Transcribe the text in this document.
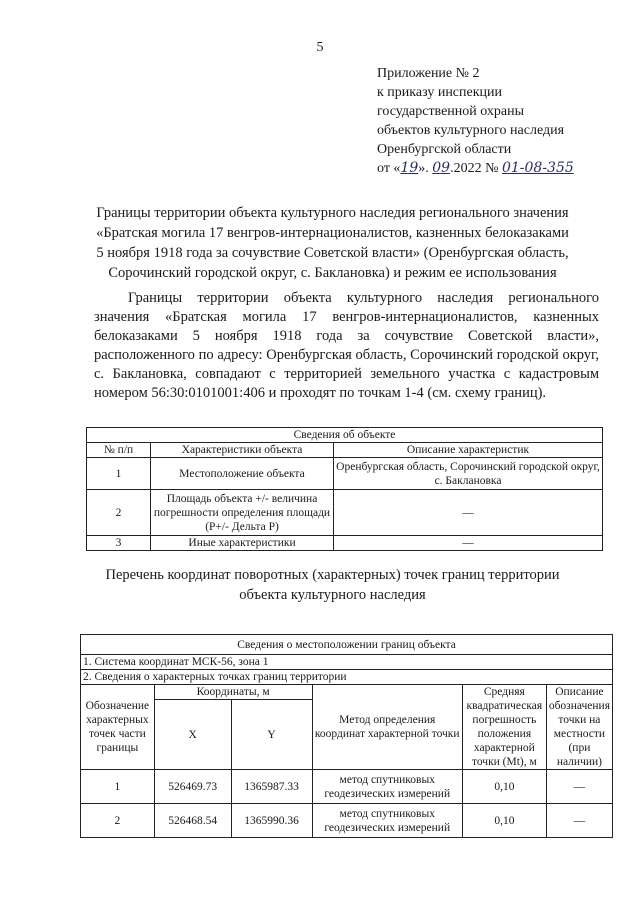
5
Приложение № 2
к приказу инспекции
государственной охраны
объектов культурного наследия
Оренбургской области
от «19». 09.2022 № 01-08-355
Границы территории объекта культурного наследия регионального значения
«Братская могила 17 венгров-интернационалистов, казненных белоказаками
5 ноября 1918 года за сочувствие Советской власти» (Оренбургская область,
Сорочинский городской округ, с. Баклановка) и режим ее использования
Границы территории объекта культурного наследия регионального значения «Братская могила 17 венгров-интернационалистов, казненных белоказаками 5 ноября 1918 года за сочувствие Советской власти», расположенного по адресу: Оренбургская область, Сорочинский городской округ, с. Баклановка, совпадают с территорией земельного участка с кадастровым номером 56:30:0101001:406 и проходят по точкам 1-4 (см. схему границ).
Сведения об объекте		
№ п/п	Характеристики объекта	Описание характеристик
1	Местоположение объекта	Оренбургская область, Сорочинский городской округ, с. Баклановка
2	Площадь объекта +/- величина погрешности определения площади (Р+/- Дельта Р)	—
3	Иные характеристики	—
Перечень координат поворотных (характерных) точек границ территории
объекта культурного наследия
Сведения о местоположении границ объекта					
1. Система координат МСК-56, зона 1					
2. Сведения о характерных точках границ территории					
Обозначение характерных точек части границы	Координаты, м		Метод определения координат характерной точки	Средняя квадратическая погрешность положения характерной точки (Mt), м	Описание обозначения точки на местности (при наличии)
	X	Y			
1	526469.73	1365987.33	метод спутниковых геодезических измерений	0,10	—
2	526468.54	1365990.36	метод спутниковых геодезических измерений	0,10	—
